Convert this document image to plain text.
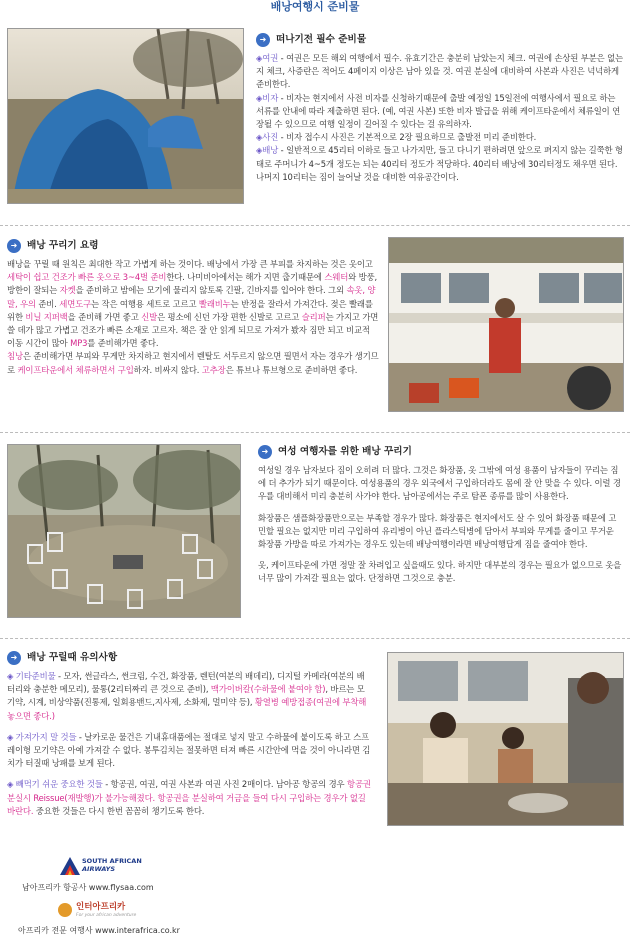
배낭여행시 준비물
➜	떠나기전 필수 준비물

◈여권 - 여권은 모든 해외 여행에서 필수. 유효기간은 충분히 남았는지 체크. 여권에 손상된 부분은 없는지 체크, 사증란은 적어도 4페이지 이상은 남아 있을 것. 여권 분실에 대비하여 사본과 사진은 넉넉하게 준비한다.

◈비자 - 비자는 현지에서 사전 비자를 신청하기때문에 출발 예정일 15일전에 여행사에서 필요로 하는 서류를 안내에 따라 제출하면 된다. (예, 여권 사본) 또한 비자 발급을 위해 케이프타운에서 체류일이 연장될 수 있으므로 여행 일정이 길어질 수 있다는 걸 유의하자.

◈사진 - 비자 접수시 사진은 기본적으로 2장 필요하므로 출발전 미리 준비한다.

◈배낭 - 일반적으로 45리터 이하로 들고 나가지만, 들고 다니기 편하려면 앞으로 펴지지 않는 길쭉한 형태로 주머니가 4~5개 정도는 되는 40리터 정도가 적당하다. 40리터 배낭에 30리터정도 채우면 된다. 나머지 10리터는 짐이 늘어날 것을 대비한 여유공간이다.

➜	배낭 꾸리기 요령

배낭을 꾸릴 때 원칙은 최대한 작고 가볍게 하는 것이다. 배낭에서 가장 큰 부피를 차지하는 것은 옷이고 세탁이 쉽고 건조가 빠른 옷으로 3~4벌 준비한다. 나미비아에서는 해가 지면 춥기때문에 스웨터와 방풍, 방한이 잘되는 자켓을 준비하고 밤에는 모기에 물리지 않토록 긴팔, 긴바지를 입어야 한다. 그외 속옷, 양말, 우의 준비. 세면도구는 작은 여행용 세트로 고르고 빨래비누는 반정을 잘라서 가져간다. 젖은 빨래를 위한 비닐 지퍼백을 준비해 가면 좋고 신발은 평소에 신던 가장 편한 신발로 고르고 슬리퍼는 가지고 가면 쓸 데가 많고 가볍고 건조가 빠른 소재로 고르자. 책은 잘 안 읽게 되므로 가져가 봤자 짐만 되고 비교적 이동 시간이 많아 MP3를 준비해가면 좋다.

침낭은 준비해가면 부피와 무게만 차지하고 현지에서 렌탈도 서두르지 않으면 필면서 자는 경우가 생기므로 케이프타운에서 체류하면서 구입하자. 비싸지 않다. 고추장은 튜브나 튜브형으로 준비하면 좋다.

➜	여성 여행자를 위한 배낭 꾸리기

여성일 경우 남자보다 짐이 오히려 더 많다. 그것은 화장품, 옷 그밖에 여성 용품이 남자들이 꾸리는 짐에 더 추가가 되기 때문이다. 여성용품의 경우 외국에서 구입하더라도 몸에 잘 안 맞을 수 있다. 이럴 경우를 대비해서 미리 충분히 사가야 한다. 남아공에서는 주로 탐폰 종류를 많이 사용한다.

화장품은 샘플화장품만으로는 부족할 경우가 많다. 화장품은 현지에서도 살 수 있어 화장품 때문에 고민할 필요는 없지만 미리 구입하여 유리병이 아닌 플라스틱병에 담아서 부피와 무게를 줄이고 무거운 화장품 가방을 따로 가져가는 경우도 있는데 배낭여행이라면 배낭여행답게 짐을 줄여야 한다.

옷, 케이프타운에 가면 정말 잘 차려입고 싶을때도 있다. 하지만 대부분의 경우는 필요가 없으므로 옷을 너무 많이 가져갈 필요는 없다. 단정하면 그것으로 충분.

➜	배낭 꾸릴때 유의사항

◈ 기타준비물 - 모자, 썬글라스, 썬크림, 수건, 화장품, 렌턴(여분의 배데리), 디지털 카메라(여분의 배터리와 충분한 메모리), 물통(2리터짜리 큰 것으로 준비), 맥가이버칼(수하물에 붙여야 함), 바르는 모기약, 시계, 비상약품(진통제, 일회용밴드,지사제, 소화제, 멀미약 등), 황열병 예방접종(여권에 부착해 놓으면 좋다.)

◈ 가져가지 말 것들 - 날카로운 물건은 기내휴대품에는 절대로 넣지 말고 수하물에 붙이도록 하고 스프레이형 모기약은 아예 가져갈 수 없다. 봉투김치는 절못하면 터져 빠른 시간안에 먹을 것이 아니라면 김치가 터질때 낭패를 보게 된다.

◈ 빼먹기 쉬운 중요한 것들 - 항공권, 여권, 여권 사본과 여권 사진 2매이다. 남아공 항공의 경우 항공권 분실시 Reissue(재발행)가 불가능해졌다. 항공권을 분실하여 거금을 들여 다시 구입하는 경우가 없길 바란다. 중요한 것들은 다시 한번 꼼꼼히 챙기도록 한다.

SOUTH AFRICAN
AIRWAYS
남아프리카 항공사 www.flysaa.com
인터아프리카
For your african adventure
아프리카 전문 여행사 www.interafrica.co.kr
